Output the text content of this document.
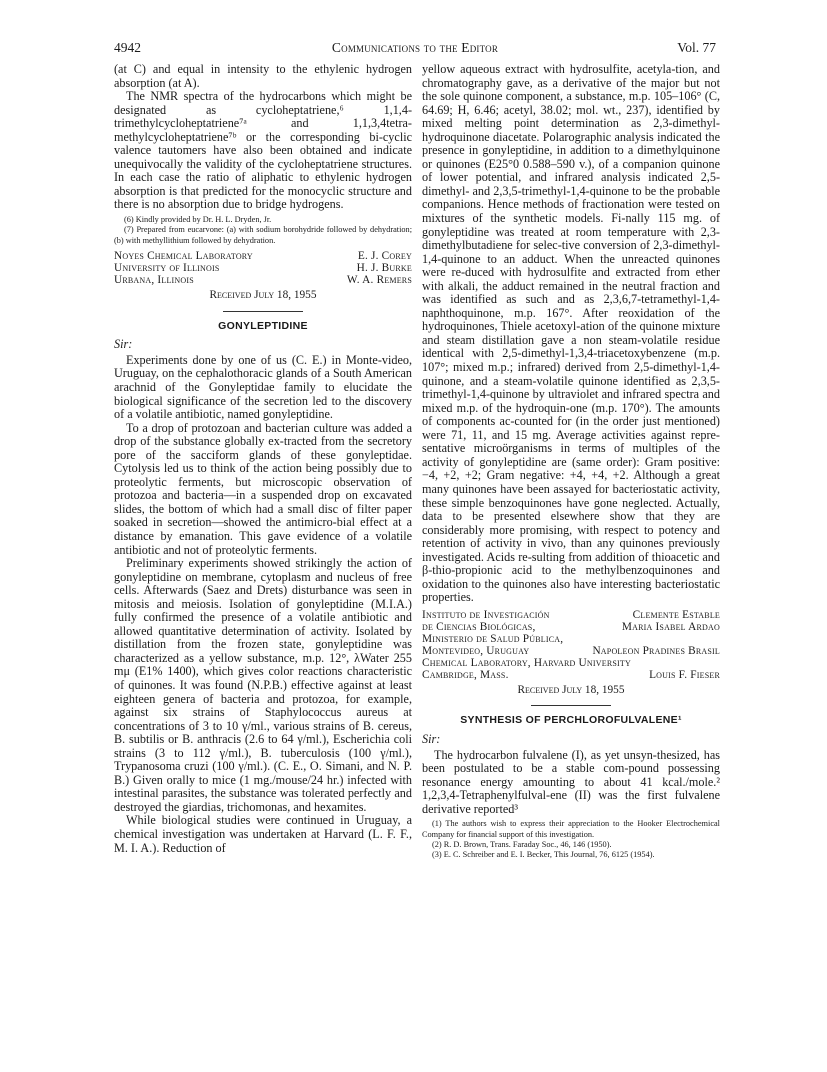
4942	Communications to the Editor	Vol. 77

(at C) and equal in intensity to the ethylenic hydrogen absorption (at A).

The NMR spectra of the hydrocarbons which might be designated as cycloheptatriene,⁶ 1,1,4-trimethylcycloheptatriene⁷ᵃ and 1,1,3,4tetra-methylcycloheptatriene⁷ᵇ or the corresponding bi-cyclic valence tautomers have also been obtained and indicate unequivocally the validity of the cycloheptatriene structures. In each case the ratio of aliphatic to ethylenic hydrogen absorption is that predicted for the monocyclic structure and there is no absorption due to bridge hydrogens.

(6) Kindly provided by Dr. H. L. Dryden, Jr.

(7) Prepared from eucarvone: (a) with sodium borohydride followed by dehydration; (b) with methyllithium followed by dehydration.

Noyes Chemical Laboratory	E. J. Corey
University of Illinois	H. J. Burke
Urbana, Illinois	W. A. Remers
Received July 18, 1955
GONYLEPTIDINE
Sir:

Experiments done by one of us (C. E.) in Monte-video, Uruguay, on the cephalothoracic glands of a South American arachnid of the Gonyleptidae family to elucidate the biological significance of the secretion led to the discovery of a volatile antibiotic, named gonyleptidine.

To a drop of protozoan and bacterian culture was added a drop of the substance globally ex-tracted from the secretory pore of the sacciform glands of these gonyleptidae. Cytolysis led us to think of the action being possibly due to proteolytic ferments, but microscopic observation of protozoa and bacteria—in a suspended drop on excavated slides, the bottom of which had a small disc of filter paper soaked in secretion—showed the antimicro-bial effect at a distance by emanation. This gave evidence of a volatile antibiotic and not of proteolytic ferments.

Preliminary experiments showed strikingly the action of gonyleptidine on membrane, cytoplasm and nucleus of free cells. Afterwards (Saez and Drets) disturbance was seen in mitosis and meiosis. Isolation of gonyleptidine (M.I.A.) fully confirmed the presence of a volatile antibiotic and allowed quantitative determination of activity. Isolated by distillation from the frozen state, gonyleptidine was characterized as a yellow substance, m.p. 12°, λWater 255 mμ (E1% 1400), which gives color reactions characteristic of quinones. It was found (N.P.B.) effective against at least eighteen genera of bacteria and protozoa, for example, against six strains of Staphylococcus aureus at concentrations of 3 to 10 γ/ml., various strains of B. cereus, B. subtilis or B. anthracis (2.6 to 64 γ/ml.), Escherichia coli strains (3 to 112 γ/ml.), B. tuberculosis (100 γ/ml.), Trypanosoma cruzi (100 γ/ml.). (C. E., O. Simani, and N. P. B.) Given orally to mice (1 mg./mouse/24 hr.) infected with intestinal parasites, the substance was tolerated perfectly and destroyed the giardias, trichomonas, and hexamites.

While biological studies were continued in Uruguay, a chemical investigation was undertaken at Harvard (L. F. F., M. I. A.). Reduction of

yellow aqueous extract with hydrosulfite, acetyla-tion, and chromatography gave, as a derivative of the major but not the sole quinone component, a substance, m.p. 105–106° (C, 64.69; H, 6.46; acetyl, 38.02; mol. wt., 237), identified by mixed melting point determination as 2,3-dimethyl-hydroquinone diacetate. Polarographic analysis indicated the presence in gonyleptidine, in addition to a dimethylquinone or quinones (E25°0 0.588–590 v.), of a companion quinone of lower potential, and infrared analysis indicated 2,5-dimethyl- and 2,3,5-trimethyl-1,4-quinone to be the probable companions. Hence methods of fractionation were tested on mixtures of the synthetic models. Fi-nally 115 mg. of gonyleptidine was treated at room temperature with 2,3-dimethylbutadiene for selec-tive conversion of 2,3-dimethyl-1,4-quinone to an adduct. When the unreacted quinones were re-duced with hydrosulfite and extracted from ether with alkali, the adduct remained in the neutral fraction and was identified as such and as 2,3,6,7-tetramethyl-1,4-naphthoquinone, m.p. 167°. After reoxidation of the hydroquinones, Thiele acetoxyl-ation of the quinone mixture and steam distillation gave a non steam-volatile residue identical with 2,5-dimethyl-1,3,4-triacetoxybenzene (m.p. 107°; mixed m.p.; infrared) derived from 2,5-dimethyl-1,4-quinone, and a steam-volatile quinone identified as 2,3,5-trimethyl-1,4-quinone by ultraviolet and infrared spectra and mixed m.p. of the hydroquin-one (m.p. 170°). The amounts of components ac-counted for (in the order just mentioned) were 71, 11, and 15 mg. Average activities against repre-sentative microörganisms in terms of multiples of the activity of gonyleptidine are (same order): Gram positive: −4, +2, +2; Gram negative: +4, +4, +2. Although a great many quinones have been assayed for bacteriostatic activity, these simple benzoquinones have gone neglected. Actually, data to be presented elsewhere show that they are considerably more promising, with respect to potency and retention of activity in vivo, than any quinones previously investigated. Acids re-sulting from addition of thioacetic and β-thio-propionic acid to the methylbenzoquinones and oxidation to the quinones also have interesting bacteriostatic properties.

Instituto de Investigación	Clemente Estable
de Ciencias Biológicas,	Maria Isabel Ardao
Ministerio de Salud Pública,
Montevideo, Uruguay	Napoleon Pradines Brasil
Chemical Laboratory, Harvard University
Cambridge, Mass.	Louis F. Fieser
Received July 18, 1955
SYNTHESIS OF PERCHLOROFULVALENE¹
Sir:

The hydrocarbon fulvalene (I), as yet unsyn-thesized, has been postulated to be a stable com-pound possessing resonance energy amounting to about 41 kcal./mole.² 1,2,3,4-Tetraphenylfulval-ene (II) was the first fulvalene derivative reported³

(1) The authors wish to express their appreciation to the Hooker Electrochemical Company for financial support of this investigation.

(2) R. D. Brown, Trans. Faraday Soc., 46, 146 (1950).

(3) E. C. Schreiber and E. I. Becker, This Journal, 76, 6125 (1954).
